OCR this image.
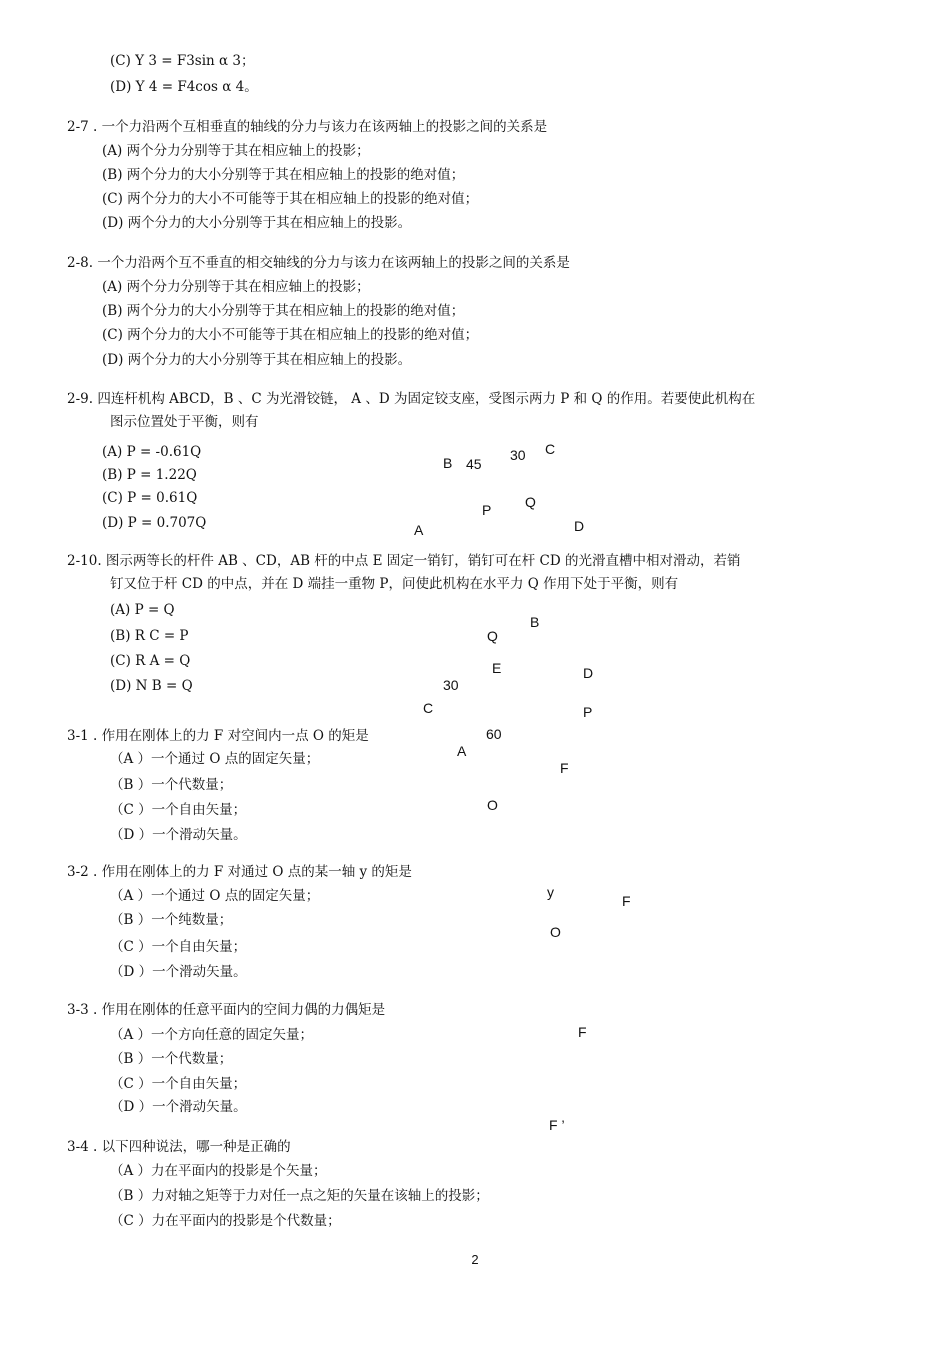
(C) Y 3 = F3sin α 3；
(D) Y 4 = F4cos α 4。
2-7 . 一个力沿两个互相垂直的轴线的分力与该力在该两轴上的投影之间的关系是
(A) 两个分力分别等于其在相应轴上的投影；
(B) 两个分力的大小分别等于其在相应轴上的投影的绝对值；
(C) 两个分力的大小不可能等于其在相应轴上的投影的绝对值；
(D) 两个分力的大小分别等于其在相应轴上的投影。
2-8. 一个力沿两个互不垂直的相交轴线的分力与该力在该两轴上的投影之间的关系是
(A) 两个分力分别等于其在相应轴上的投影；
(B) 两个分力的大小分别等于其在相应轴上的投影的绝对值；
(C) 两个分力的大小不可能等于其在相应轴上的投影的绝对值；
(D) 两个分力的大小分别等于其在相应轴上的投影。
2-9. 四连杆机构 ABCD，B 、C 为光滑铰链， A 、D 为固定铰支座，受图示两力 P 和 Q 的作用。若要使此机构在
图示位置处于平衡，则有
(A) P = -0.61Q
(B) P = 1.22Q
(C) P = 0.61Q
(D) P = 0.707Q
B 45
30 C
P Q
A	D
2-10. 图示两等长的杆件 AB 、CD，AB 杆的中点 E 固定一销钉，销钉可在杆 CD 的光滑直槽中相对滑动，若销
钉又位于杆 CD 的中点，并在 D 端挂一重物 P，问使此机构在水平力 Q 作用下处于平衡，则有
(A) P = Q
(B) R C = P
(C) R A = Q
(D) N B = Q
B
Q
E	D
30
C	P
60
A
3-1 . 作用在刚体上的力 F 对空间内一点 O 的矩是
（A ）一个通过 O 点的固定矢量；
（B ）一个代数量；
（C ）一个自由矢量；
（D ）一个滑动矢量。
F
O
3-2 . 作用在刚体上的力 F 对通过 O 点的某一轴 y 的矩是
（A ）一个通过 O 点的固定矢量；
（B ）一个纯数量；
（C ）一个自由矢量；
（D ）一个滑动矢量。
y
F
O
3-3 . 作用在刚体的任意平面内的空间力偶的力偶矩是
（A ）一个方向任意的固定矢量；
（B ）一个代数量；
（C ）一个自由矢量；
（D ）一个滑动矢量。
F
F ’
3-4 . 以下四种说法，哪一种是正确的
（A ）力在平面内的投影是个矢量；
（B ）力对轴之矩等于力对任一点之矩的矢量在该轴上的投影；
（C ）力在平面内的投影是个代数量；
2
